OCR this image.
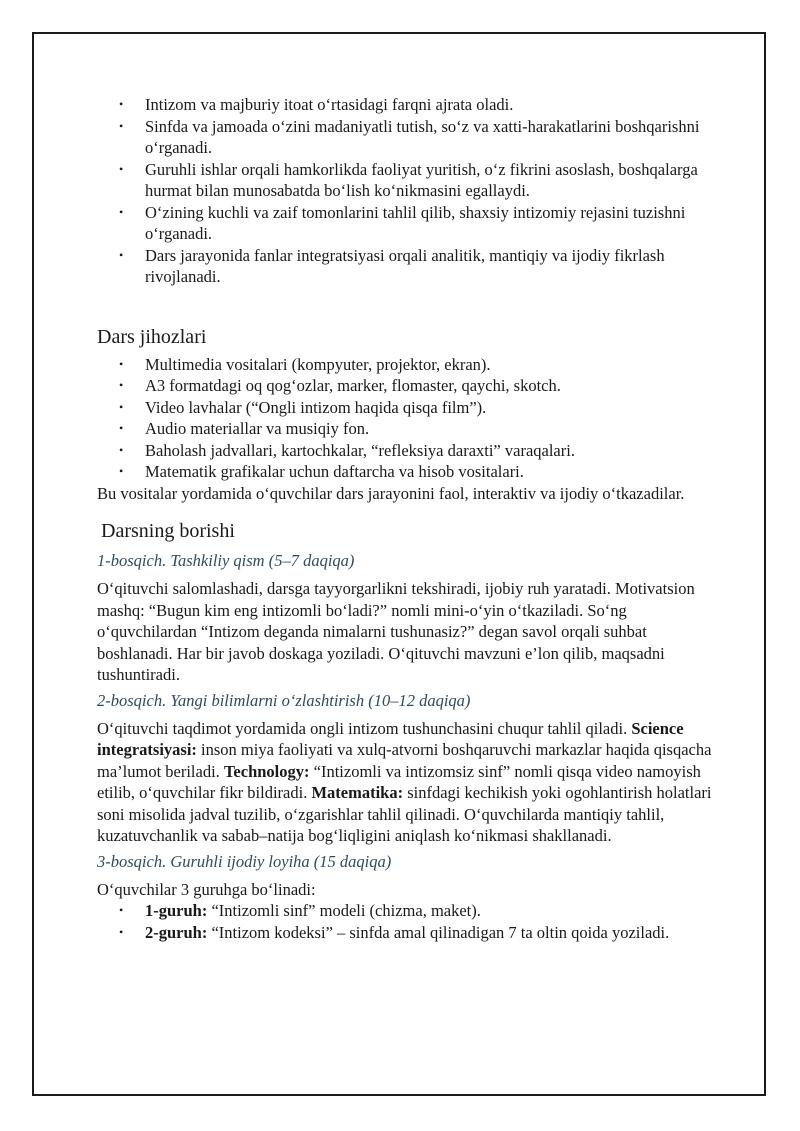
• Intizom va majburiy itoat o‘rtasidagi farqni ajrata oladi.
• Sinfda va jamoada o‘zini madaniyatli tutish, so‘z va xatti-harakatlarini boshqarishni o‘rganadi.
• Guruhli ishlar orqali hamkorlikda faoliyat yuritish, o‘z fikrini asoslash, boshqalarga hurmat bilan munosabatda bo‘lish ko‘nikmasini egallaydi.
• O‘zining kuchli va zaif tomonlarini tahlil qilib, shaxsiy intizomiy rejasini tuzishni o‘rganadi.
• Dars jarayonida fanlar integratsiyasi orqali analitik, mantiqiy va ijodiy fikrlash rivojlanadi.
Dars jihozlari
• Multimedia vositalari (kompyuter, projektor, ekran).
• A3 formatdagi oq qog‘ozlar, marker, flomaster, qaychi, skotch.
• Video lavhalar (“Ongli intizom haqida qisqa film”).
• Audio materiallar va musiqiy fon.
• Baholash jadvallari, kartochkalar, “refleksiya daraxti” varaqalari.
• Matematik grafikalar uchun daftarcha va hisob vositalari.

Bu vositalar yordamida o‘quvchilar dars jarayonini faol, interaktiv va ijodiy o‘tkazadilar.

Darsning borishi
1-bosqich. Tashkiliy qism (5–7 daqiqa)

O‘qituvchi salomlashadi, darsga tayyorgarlikni tekshiradi, ijobiy ruh yaratadi. Motivatsion mashq: “Bugun kim eng intizomli bo‘ladi?” nomli mini-o‘yin o‘tkaziladi. So‘ng o‘quvchilardan “Intizom deganda nimalarni tushunasiz?” degan savol orqali suhbat boshlanadi. Har bir javob doskaga yoziladi. O‘qituvchi mavzuni e’lon qilib, maqsadni tushuntiradi.

2-bosqich. Yangi bilimlarni o‘zlashtirish (10–12 daqiqa)

O‘qituvchi taqdimot yordamida ongli intizom tushunchasini chuqur tahlil qiladi. Science integratsiyasi: inson miya faoliyati va xulq-atvorni boshqaruvchi markazlar haqida qisqacha ma’lumot beriladi. Technology: “Intizomli va intizomsiz sinf” nomli qisqa video namoyish etilib, o‘quvchilar fikr bildiradi. Matematika: sinfdagi kechikish yoki ogohlantirish holatlari soni misolida jadval tuzilib, o‘zgarishlar tahlil qilinadi. O‘quvchilarda mantiqiy tahlil, kuzatuvchanlik va sabab–natija bog‘liqligini aniqlash ko‘nikmasi shakllanadi.

3-bosqich. Guruhli ijodiy loyiha (15 daqiqa)

O‘quvchilar 3 guruhga bo‘linadi:

• 1-guruh: “Intizomli sinf” modeli (chizma, maket).
• 2-guruh: “Intizom kodeksi” – sinfda amal qilinadigan 7 ta oltin qoida yoziladi.
